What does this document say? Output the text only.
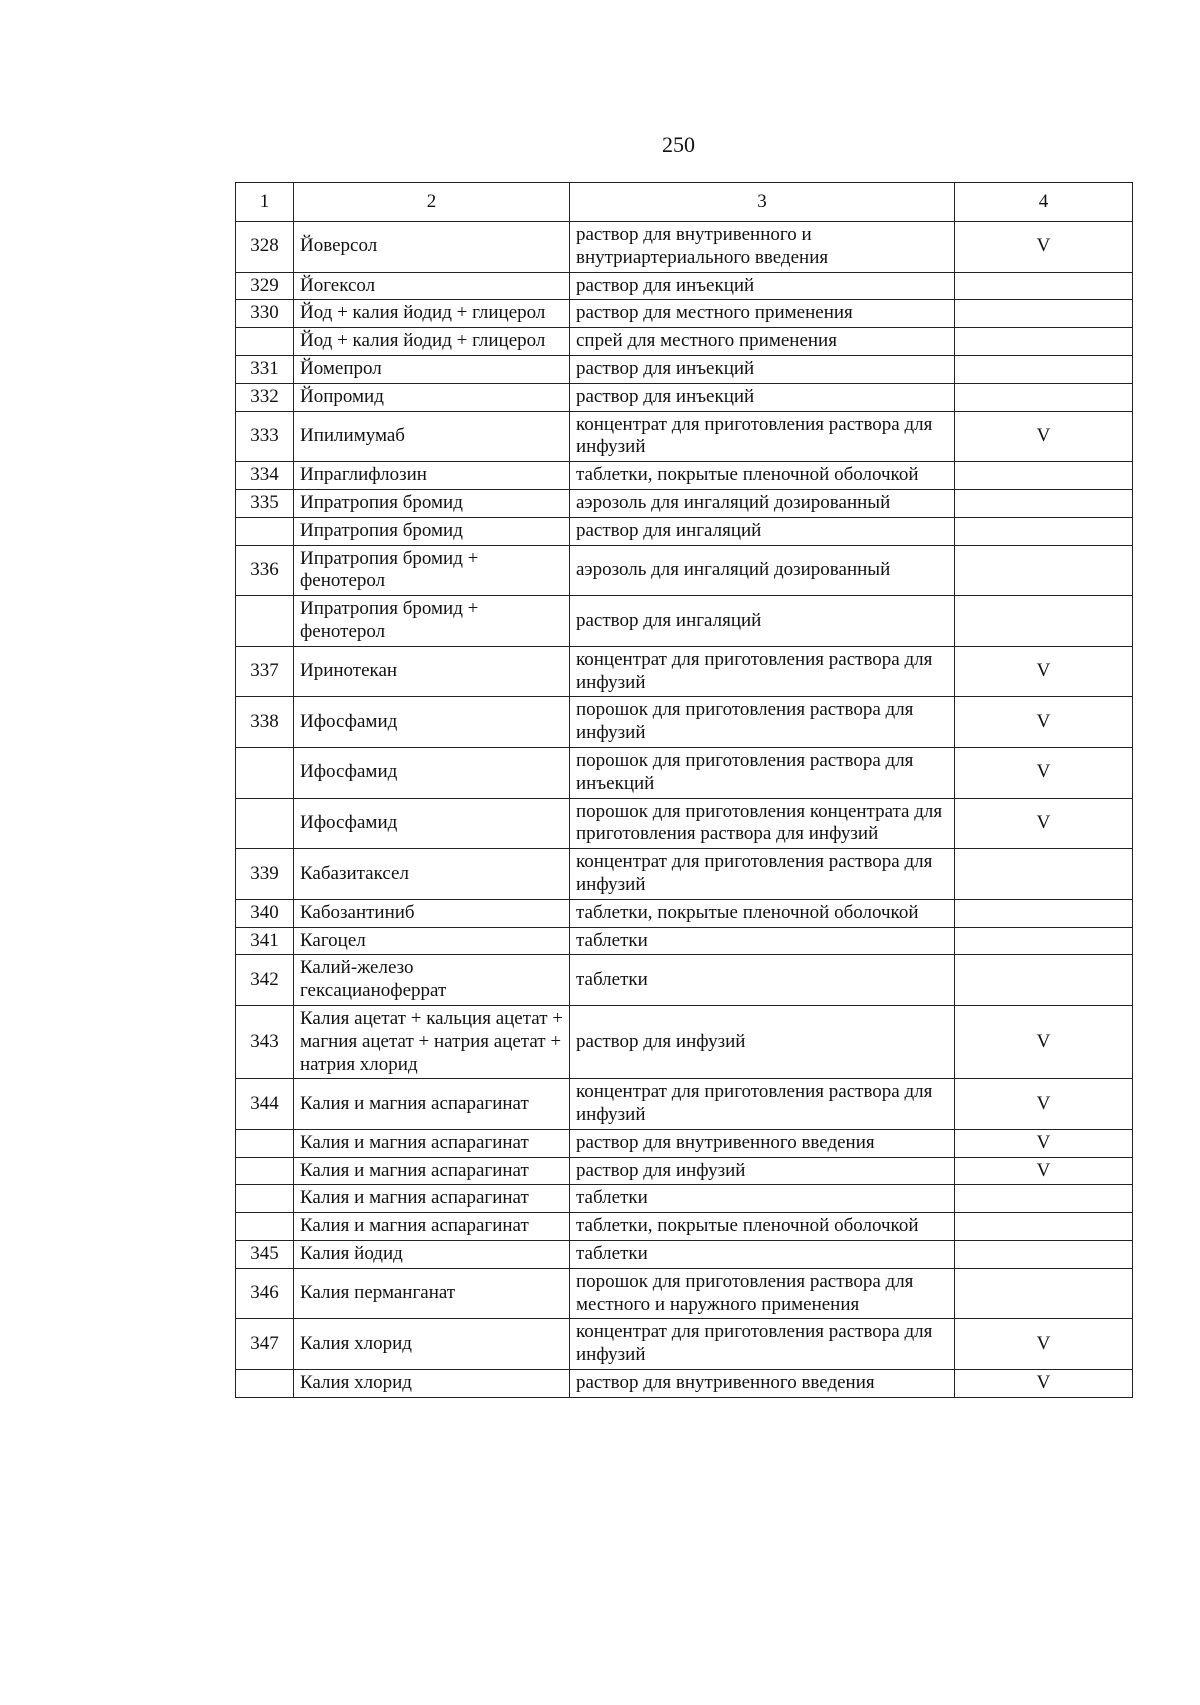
250
1	2	3	4
328	Йоверсол	раствор для внутривенного и внутриартериального введения	V
329	Йогексол	раствор для инъекций	
330	Йод + калия йодид + глицерол	раствор для местного применения	
	Йод + калия йодид + глицерол	спрей для местного применения	
331	Йомепрол	раствор для инъекций	
332	Йопромид	раствор для инъекций	
333	Ипилимумаб	концентрат для приготовления раствора для инфузий	V
334	Ипраглифлозин	таблетки, покрытые пленочной оболочкой	
335	Ипратропия бромид	аэрозоль для ингаляций дозированный	
	Ипратропия бромид	раствор для ингаляций	
336	Ипратропия бромид + фенотерол	аэрозоль для ингаляций дозированный	
	Ипратропия бромид + фенотерол	раствор для ингаляций	
337	Иринотекан	концентрат для приготовления раствора для инфузий	V
338	Ифосфамид	порошок для приготовления раствора для инфузий	V
	Ифосфамид	порошок для приготовления раствора для инъекций	V
	Ифосфамид	порошок для приготовления концентрата для приготовления раствора для инфузий	V
339	Кабазитаксел	концентрат для приготовления раствора для инфузий	
340	Кабозантиниб	таблетки, покрытые пленочной оболочкой	
341	Кагоцел	таблетки	
342	Калий-железо гексацианоферрат	таблетки	
343	Калия ацетат + кальция ацетат + магния ацетат + натрия ацетат + натрия хлорид	раствор для инфузий	V
344	Калия и магния аспарагинат	концентрат для приготовления раствора для инфузий	V
	Калия и магния аспарагинат	раствор для внутривенного введения	V
	Калия и магния аспарагинат	раствор для инфузий	V
	Калия и магния аспарагинат	таблетки	
	Калия и магния аспарагинат	таблетки, покрытые пленочной оболочкой	
345	Калия йодид	таблетки	
346	Калия перманганат	порошок для приготовления раствора для местного и наружного применения	
347	Калия хлорид	концентрат для приготовления раствора для инфузий	V
	Калия хлорид	раствор для внутривенного введения	V
